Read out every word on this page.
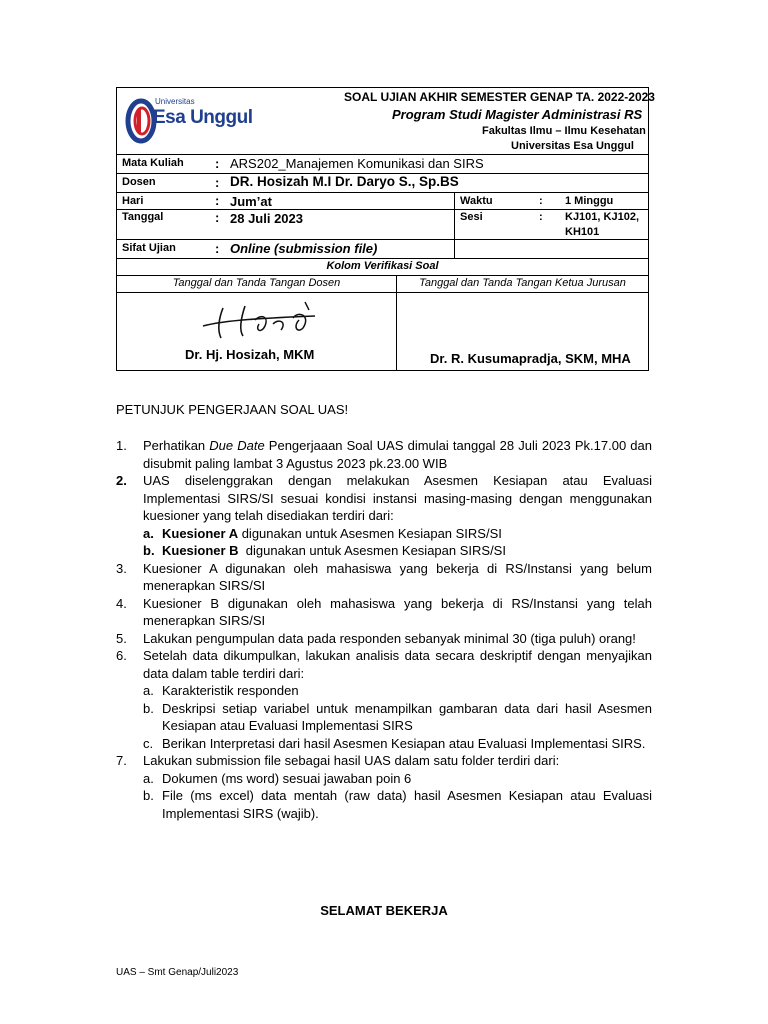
Universitas
Esa Unggul
SOAL UJIAN AKHIR SEMESTER GENAP TA. 2022-2023
Program Studi Magister Administrasi RS
Fakultas Ilmu – Ilmu Kesehatan
Universitas Esa Unggul
Mata Kuliah : ARS202_Manajemen Komunikasi dan SIRS
Dosen	: DR. Hosizah M.I Dr. Daryo S., Sp.BS
Hari	: Jum’at	Waktu	: 1 Minggu
Tanggal	: 28 Juli 2023	Sesi	: KJ101, KJ102,
KH101
Sifat Ujian	: Online (submission file)
Kolom Verifikasi Soal
Tanggal dan Tanda Tangan Dosen	Tanggal dan Tanda Tangan Ketua Jurusan
Dr. Hj. Hosizah, MKM	Dr. R. Kusumapradja, SKM, MHA
PETUNJUK PENGERJAAN SOAL UAS!
1. Perhatikan Due Date Pengerjaaan Soal UAS dimulai tanggal 28 Juli 2023 Pk.17.00 dan disubmit paling lambat 3 Agustus 2023 pk.23.00 WIB
2. UAS diselenggrakan dengan melakukan Asesmen Kesiapan atau Evaluasi Implementasi SIRS/SI sesuai kondisi instansi masing-masing dengan menggunakan kuesioner yang telah disediakan terdiri dari:
a. Kuesioner A digunakan untuk Asesmen Kesiapan SIRS/SI
b. Kuesioner B  digunakan untuk Asesmen Kesiapan SIRS/SI
3. Kuesioner A digunakan oleh mahasiswa yang bekerja di RS/Instansi yang belum menerapkan SIRS/SI
4. Kuesioner B digunakan oleh mahasiswa yang bekerja di RS/Instansi yang telah menerapkan SIRS/SI
5. Lakukan pengumpulan data pada responden sebanyak minimal 30 (tiga puluh) orang!
6. Setelah data dikumpulkan, lakukan analisis data secara deskriptif dengan menyajikan data dalam table terdiri dari:
a. Karakteristik responden
b. Deskripsi setiap variabel untuk menampilkan gambaran data dari hasil Asesmen Kesiapan atau Evaluasi Implementasi SIRS
c. Berikan Interpretasi dari hasil Asesmen Kesiapan atau Evaluasi Implementasi SIRS.
7. Lakukan submission file sebagai hasil UAS dalam satu folder terdiri dari:
a. Dokumen (ms word) sesuai jawaban poin 6
b. File (ms excel) data mentah (raw data) hasil Asesmen Kesiapan atau Evaluasi Implementasi SIRS (wajib).
SELAMAT BEKERJA
UAS – Smt Genap/Juli2023
